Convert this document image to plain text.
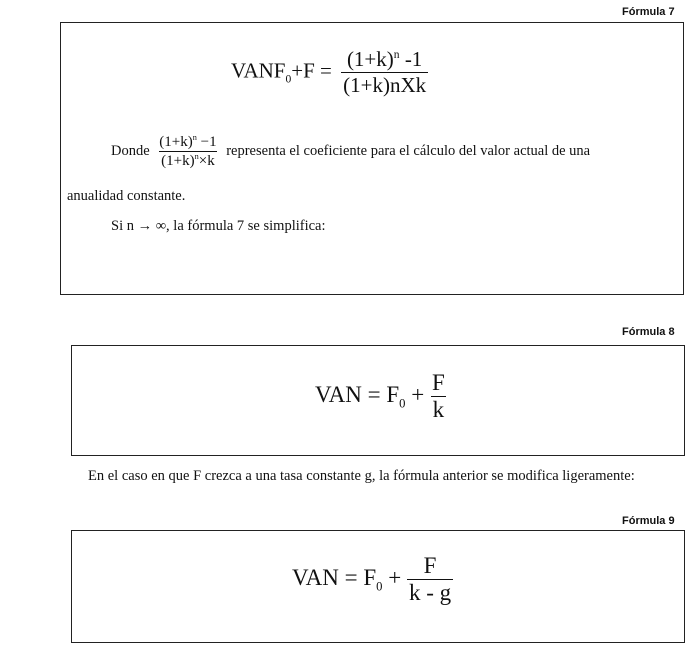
Fórmula 7
$VANF_0+F = \frac{(1+k)^n -1}{\text{(1+k)nXk}}$
Donde $\frac{(1+k)^n -1}{(1+k)^n\times k}$ representa el coeficiente para el cálculo del valor actual de una

anualidad constante.

Si n → ∞, la fórmula 7 se simplifica:

Fórmula 8
VAN = $F_0 + \frac{F}{k}$

En el caso en que F crezca a una tasa constante g, la fórmula anterior se modifica ligeramente:

Fórmula 9
VAN = $F_0 + \frac{F}{k - g}$
